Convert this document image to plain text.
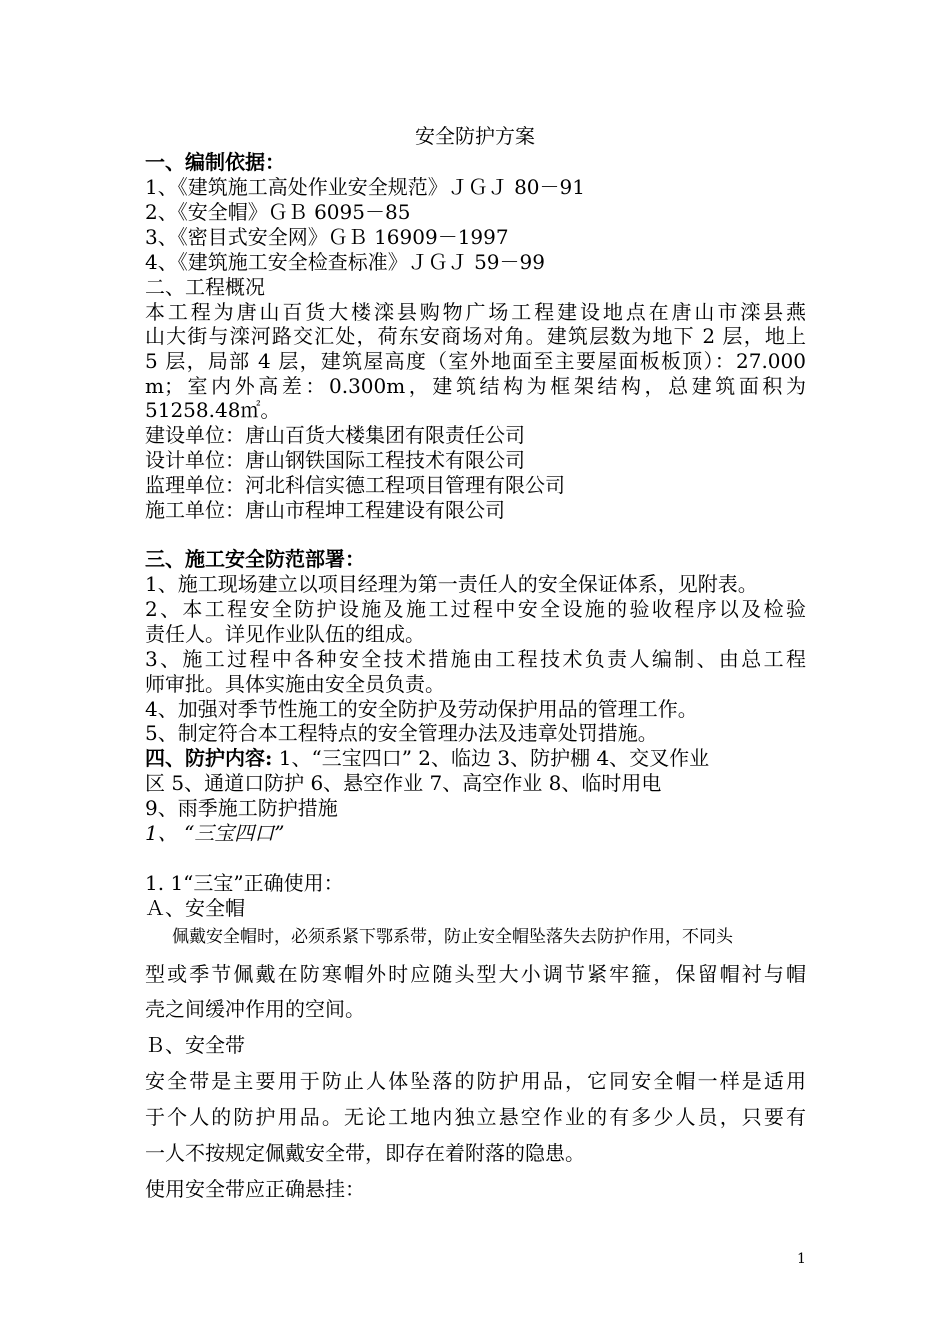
安全防护方案
一、编制依据：
1、《建筑施工高处作业安全规范》ＪＧＪ 80－91
2、《安全帽》ＧＢ 6095－85
3、《密目式安全网》ＧＢ 16909－1997
4、《建筑施工安全检查标准》ＪＧＪ 59－99
二、工程概况
本工程为唐山百货大楼滦县购物广场工程建设地点在唐山市滦县燕
山大街与滦河路交汇处，荷东安商场对角。建筑层数为地下 2 层，地上
5 层，局部 4 层，建筑屋高度（室外地面至主要屋面板板顶）：27.000
m；室内外高差：0.300m，建筑结构为框架结构，总建筑面积为
51258.48㎡。
建设单位：唐山百货大楼集团有限责任公司
设计单位：唐山钢铁国际工程技术有限公司
监理单位：河北科信实德工程项目管理有限公司
施工单位：唐山市程坤工程建设有限公司
三、施工安全防范部署：
1、施工现场建立以项目经理为第一责任人的安全保证体系，见附表。
2、本工程安全防护设施及施工过程中安全设施的验收程序以及检验
责任人。详见作业队伍的组成。
3、施工过程中各种安全技术措施由工程技术负责人编制、由总工程
师审批。具体实施由安全员负责。
4、加强对季节性施工的安全防护及劳动保护用品的管理工作。
5、制定符合本工程特点的安全管理办法及违章处罚措施。
四、防护内容: 1、“三宝四口” 2、临边 3、防护棚 4、交叉作业
区 5、通道口防护 6、悬空作业 7、高空作业 8、临时用电
9、雨季施工防护措施
1、 “三宝四口”
1. 1“三宝”正确使用：
Ａ、安全帽
佩戴安全帽时，必须系紧下鄂系带，防止安全帽坠落失去防护作用，不同头
型或季节佩戴在防寒帽外时应随头型大小调节紧牢箍，保留帽衬与帽
壳之间缓冲作用的空间。
Ｂ、安全带
安全带是主要用于防止人体坠落的防护用品，它同安全帽一样是适用
于个人的防护用品。无论工地内独立悬空作业的有多少人员，只要有
一人不按规定佩戴安全带，即存在着附落的隐患。
使用安全带应正确悬挂：
1
